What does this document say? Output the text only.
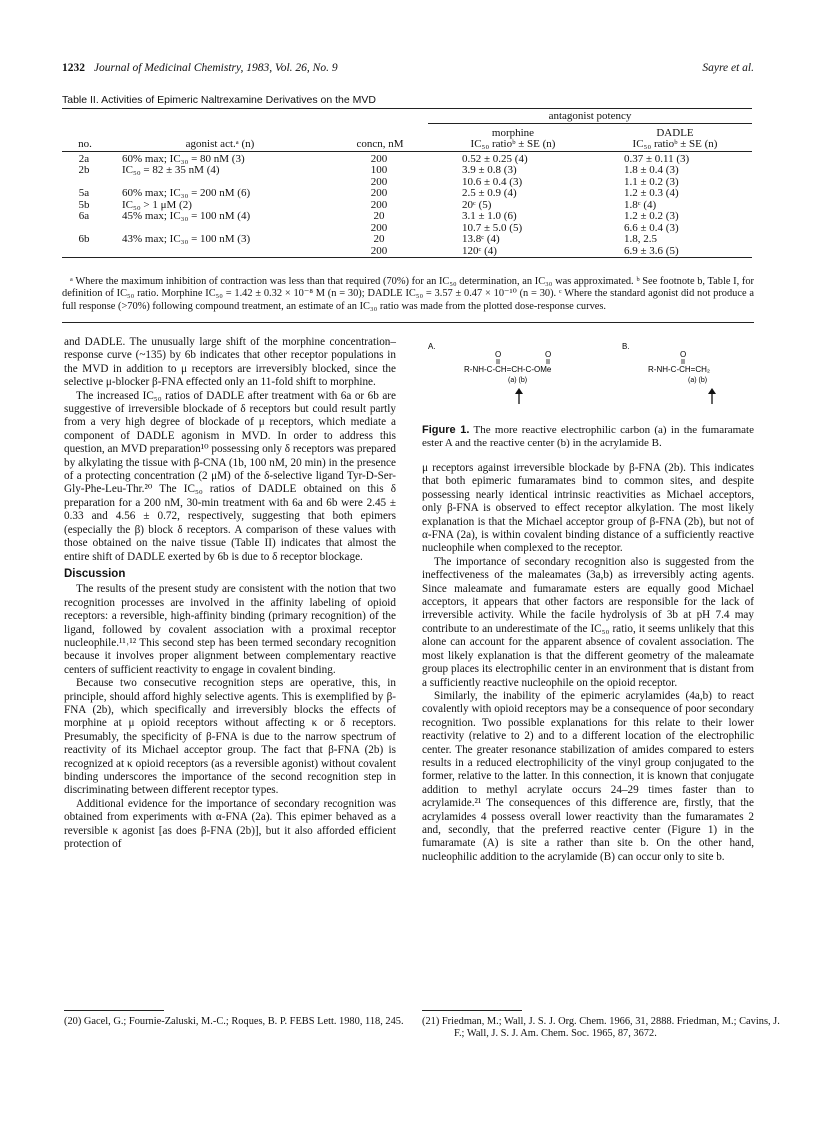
1232 Journal of Medicinal Chemistry, 1983, Vol. 26, No. 9	Sayre et al.
Table II. Activities of Epimeric Naltrexamine Derivatives on the MVD
			antagonist potency	
			morphine	DADLE
no.	agonist act.ᵃ (n)	concn, nM	IC₅₀ ratioᵇ ± SE (n)	IC₅₀ ratioᵇ ± SE (n)
2a	60% max; IC₃₀ = 80 nM (3)	200	0.52 ± 0.25 (4)	0.37 ± 0.11 (3)
2b	IC₅₀ = 82 ± 35 nM (4)	100	3.9 ± 0.8 (3)	1.8 ± 0.4 (3)
		200	10.6 ± 0.4 (3)	1.1 ± 0.2 (3)
5a	60% max; IC₃₀ = 200 nM (6)	200	2.5 ± 0.9 (4)	1.2 ± 0.3 (4)
5b	IC₅₀ > 1 μM (2)	200	20ᶜ (5)	1.8ᶜ (4)
6a	45% max; IC₃₀ = 100 nM (4)	20	3.1 ± 1.0 (6)	1.2 ± 0.2 (3)
		200	10.7 ± 5.0 (5)	6.6 ± 0.4 (3)
6b	43% max; IC₃₀ = 100 nM (3)	20	13.8ᶜ (4)	1.8, 2.5
		200	120ᶜ (4)	6.9 ± 3.6 (5)
ᵃ Where the maximum inhibition of contraction was less than that required (70%) for an IC₅₀ determination, an IC₃₀ was approximated. ᵇ See footnote b, Table I, for definition of IC₅₀ ratio. Morphine IC₅₀ = 1.42 ± 0.32 × 10⁻⁸ M (n = 30); DADLE IC₅₀ = 3.57 ± 0.47 × 10⁻¹⁰ (n = 30). ᶜ Where the standard agonist did not produce a full response (>70%) following compound treatment, an estimate of an IC₃₀ ratio was made from the plotted dose-response curves.

and DADLE. The unusually large shift of the morphine concentration–response curve (~135) by 6b indicates that other receptor populations in the MVD in addition to μ receptors are irreversibly blocked, since the selective μ-blocker β-FNA effected only an 11-fold shift to morphine.

The increased IC₅₀ ratios of DADLE after treatment with 6a or 6b are suggestive of irreversible blockade of δ receptors but could result partly from a very high degree of blockade of μ receptors, which mediate a component of DADLE agonism in MVD. In order to address this question, an MVD preparation¹⁰ possessing only δ receptors was prepared by alkylating the tissue with β-CNA (1b, 100 nM, 20 min) in the presence of a protecting concentration (2 μM) of the δ-selective ligand Tyr-D-Ser-Gly-Phe-Leu-Thr.²⁰ The IC₅₀ ratios of DADLE obtained on this δ preparation for a 200 nM, 30-min treatment with 6a and 6b were 2.45 ± 0.33 and 4.56 ± 0.72, respectively, suggesting that both epimers (especially the β) block δ receptors. A comparison of these values with those obtained on the naive tissue (Table II) indicates that almost the entire shift of DADLE exerted by 6b is due to δ receptor blockage.

Discussion

The results of the present study are consistent with the notion that two recognition processes are involved in the affinity labeling of opioid receptors: a reversible, high-affinity binding (primary recognition) of the ligand, followed by covalent association with a proximal receptor nucleophile.¹¹˒¹² This second step has been termed secondary recognition because it involves proper alignment between complementary reactive centers of sufficient reactivity to engage in covalent binding.

Because two consecutive recognition steps are operative, this, in principle, should afford highly selective agents. This is exemplified by β-FNA (2b), which specifically and irreversibly blocks the effects of morphine at μ opioid receptors without affecting κ or δ receptors. Presumably, the specificity of β-FNA is due to the narrow spectrum of reactivity of its Michael acceptor group. The fact that β-FNA (2b) is recognized at κ opioid receptors (as a reversible agonist) without covalent binding underscores the importance of the second recognition step in discriminating between different receptor types.

Additional evidence for the importance of secondary recognition was obtained from experiments with α-FNA (2a). This epimer behaved as a reversible κ agonist [as does β-FNA (2b)], but it also afforded efficient protection of

A.	B.
O	O
R-NH-C-CH=CH-C-OMe
(a) (b)
O
R-NH-C-CH=CH₂
(a) (b)
Figure 1. The more reactive electrophilic carbon (a) in the fumaramate ester A and the reactive center (b) in the acrylamide B.

μ receptors against irreversible blockade by β-FNA (2b). This indicates that both epimeric fumaramates bind to common sites, and despite possessing nearly identical intrinsic reactivities as Michael acceptors, only β-FNA is observed to effect receptor alkylation. The most likely explanation is that the Michael acceptor group of β-FNA (2b), but not of α-FNA (2a), is within covalent binding distance of a sufficiently reactive nucleophile when complexed to the receptor.

The importance of secondary recognition also is suggested from the ineffectiveness of the maleamates (3a,b) as irreversibly acting agents. Since maleamate and fumaramate esters are equally good Michael acceptors, it appears that other factors are responsible for the lack of irreversible activity. While the facile hydrolysis of 3b at pH 7.4 may contribute to an underestimate of the IC₅₀ ratio, it seems unlikely that this alone can account for the apparent absence of covalent association. The most likely explanation is that the different geometry of the maleamate group places its electrophilic center in an environment that is distant from a sufficiently reactive nucleophile on the opioid receptor.

Similarly, the inability of the epimeric acrylamides (4a,b) to react covalently with opioid receptors may be a consequence of poor secondary recognition. Two possible explanations for this relate to their lower reactivity (relative to 2) and to a different location of the electrophilic center. The greater resonance stabilization of amides compared to esters results in a reduced electrophilicity of the vinyl group conjugated to the former, relative to the latter. In this connection, it is known that conjugate addition to methyl acrylate occurs 24–29 times faster than to acrylamide.²¹ The consequences of this difference are, firstly, that the acrylamides 4 possess overall lower reactivity than the fumaramates 2 and, secondly, that the preferred reactive center (Figure 1) in the fumaramate (A) is site a rather than site b. On the other hand, nucleophilic addition to the acrylamide (B) can occur only to site b.

(20) Gacel, G.; Fournie-Zaluski, M.-C.; Roques, B. P. FEBS Lett. 1980, 118, 245.	(21) Friedman, M.; Wall, J. S. J. Org. Chem. 1966, 31, 2888. Friedman, M.; Cavins, J. F.; Wall, J. S. J. Am. Chem. Soc. 1965, 87, 3672.
